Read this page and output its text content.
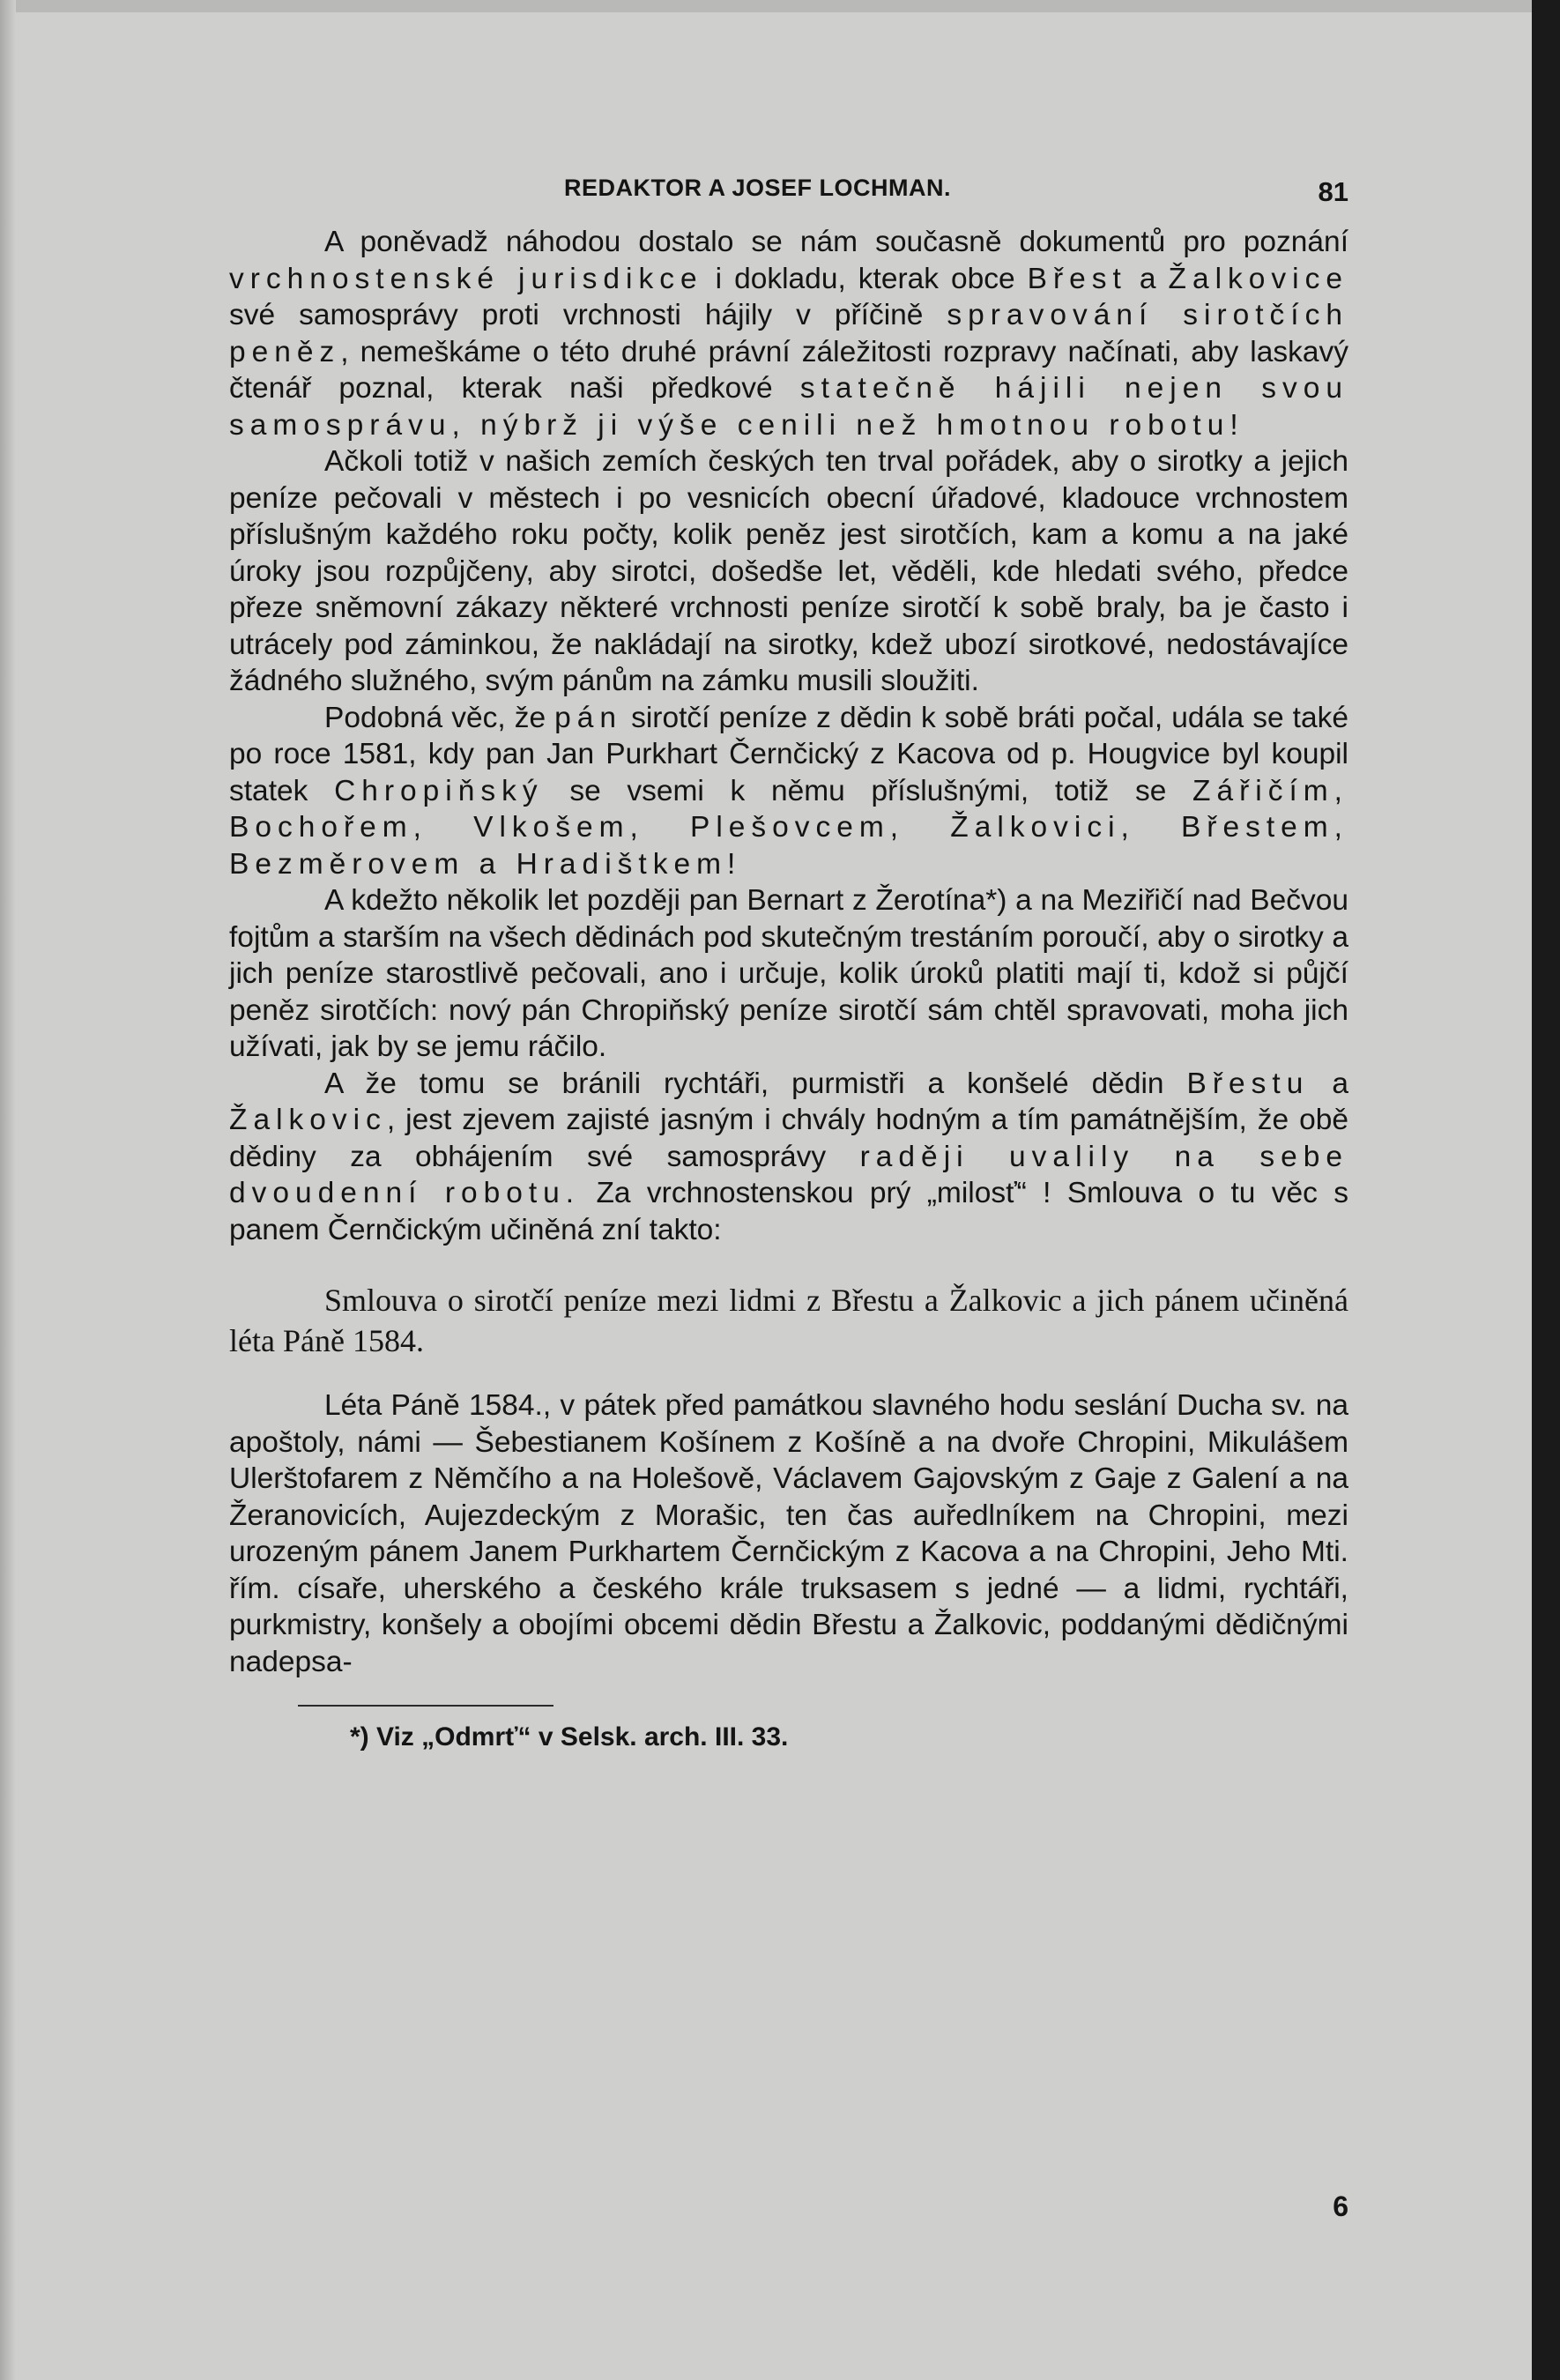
REDAKTOR A JOSEF LOCHMAN.	81

A poněvadž náhodou dostalo se nám současně dokumentů pro poznání vrchnostenské jurisdikce i dokladu, kterak obce Břest a Žalkovice své samosprávy proti vrchnosti hájily v příčině spravování sirotčích peněz, nemeškáme o této druhé právní záležitosti rozpravy načínati, aby laskavý čtenář poznal, kterak naši předkové statečně hájili nejen svou samosprávu, nýbrž ji výše cenili než hmotnou robotu!

Ačkoli totiž v našich zemích českých ten trval pořádek, aby o sirotky a jejich peníze pečovali v městech i po vesnicích obecní úřadové, kladouce vrchnostem příslušným každého roku počty, kolik peněz jest sirotčích, kam a komu a na jaké úroky jsou rozpůjčeny, aby sirotci, došedše let, věděli, kde hledati svého, předce přeze sněmovní zákazy některé vrchnosti peníze sirotčí k sobě braly, ba je často i utrácely pod záminkou, že nakládají na sirotky, kdež ubozí sirotkové, nedostávajíce žádného služného, svým pánům na zámku musili sloužiti.

Podobná věc, že pán sirotčí peníze z dědin k sobě bráti počal, udála se také po roce 1581, kdy pan Jan Purkhart Černčický z Kacova od p. Hougvice byl koupil statek Chropiňský se vsemi k němu příslušnými, totiž se Zářičím, Bochořem, Vlkošem, Plešovcem, Žalkovici, Břestem, Bezměrovem a Hradištkem!

A kdežto několik let později pan Bernart z Žerotína*) a na Meziřičí nad Bečvou fojtům a starším na všech dědinách pod skutečným trestáním poroučí, aby o sirotky a jich peníze starostlivě pečovali, ano i určuje, kolik úroků platiti mají ti, kdož si půjčí peněz sirotčích: nový pán Chropiňský peníze sirotčí sám chtěl spravovati, moha jich užívati, jak by se jemu ráčilo.

A že tomu se bránili rychtáři, purmistři a konšelé dědin Břestu a Žalkovic, jest zjevem zajisté jasným i chvály hodným a tím památnějším, že obě dědiny za obhájením své samosprávy raději uvalily na sebe dvoudenní robotu. Za vrchnostenskou prý „milosť“ ! Smlouva o tu věc s panem Černčickým učiněná zní takto:

Smlouva o sirotčí peníze mezi lidmi z Břestu a Žalkovic a jich pánem učiněná léta Páně 1584.

Léta Páně 1584., v pátek před památkou slavného hodu seslání Ducha sv. na apoštoly, námi — Šebestianem Košínem z Košíně a na dvoře Chropini, Mikulášem Ulerštofarem z Němčího a na Holešově, Václavem Gajovským z Gaje z Galení a na Žeranovicích, Aujezdeckým z Morašic, ten čas auředlníkem na Chropini, mezi urozeným pánem Janem Purkhartem Černčickým z Kacova a na Chropini, Jeho Mti. řím. císaře, uherského a českého krále truksasem s jedné — a lidmi, rychtáři, purkmistry, konšely a obojími obcemi dědin Břestu a Žalkovic, poddanými dědičnými nadepsa-

*) Viz „Odmrť“ v Selsk. arch. III. 33.
6
